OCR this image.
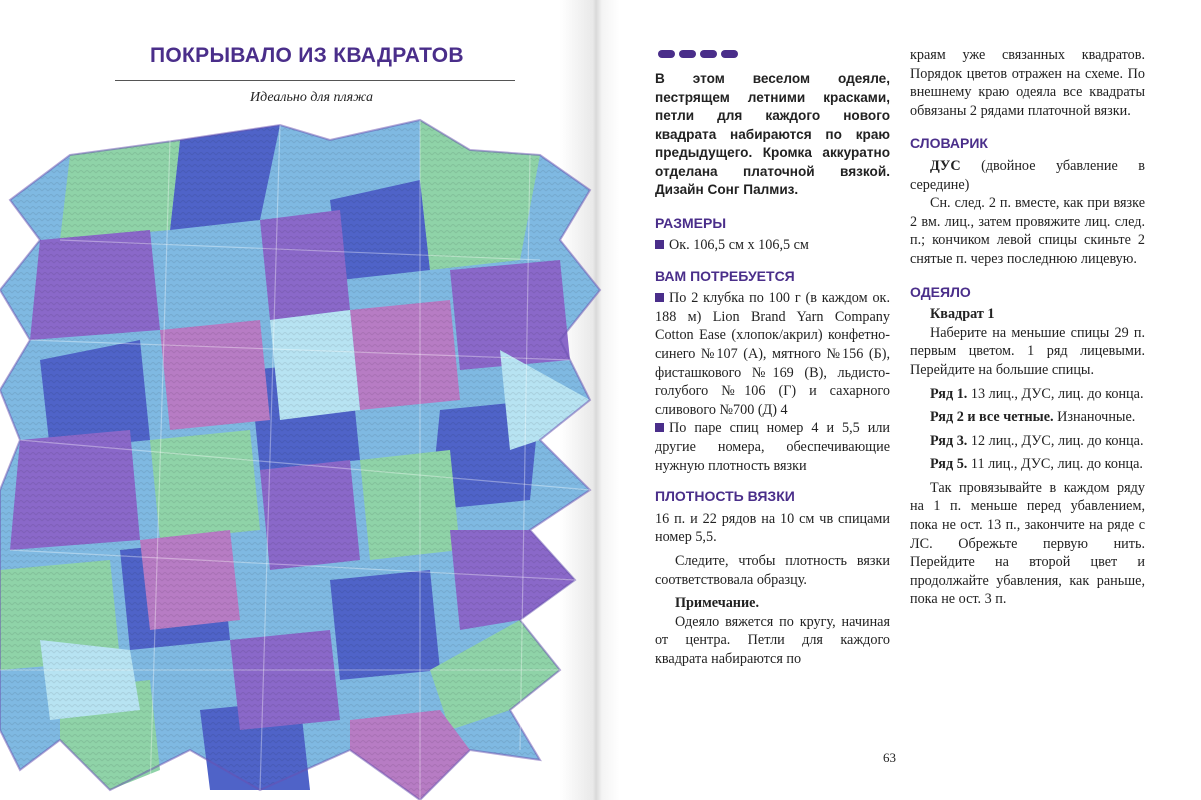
ПОКРЫВАЛО ИЗ КВАДРАТОВ
Идеально для пляжа

В этом веселом одеяле, пестрящем летними красками, петли для каждого нового квадрата набираются по краю предыдущего. Кромка аккуратно отделана платочной вязкой. Дизайн Сонг Палмиз.

РАЗМЕРЫ

Ок. 106,5 см х 106,5 см

ВАМ ПОТРЕБУЕТСЯ

По 2 клубка по 100 г (в каждом ок. 188 м) Lion Brand Yarn Company Cotton Ease (хлопок/акрил) конфетно-синего №107 (А), мятного №156 (Б), фисташкового №169 (В), льдисто-голубого №106 (Г) и сахарного сливового №700 (Д) 4

По паре спиц номер 4 и 5,5 или другие номера, обеспечивающие нужную плотность вязки

ПЛОТНОСТЬ ВЯЗКИ

16 п. и 22 рядов на 10 см чв спицами номер 5,5.

Следите, чтобы плотность вязки соответствовала образцу.

Примечание.

Одеяло вяжется по кругу, начиная от центра. Петли для каждого квадрата набираются по

краям уже связанных квадратов. Порядок цветов отражен на схеме. По внешнему краю одеяла все квадраты обвязаны 2 рядами платочной вязки.

СЛОВАРИК

ДУС (двойное убавление в середине)

Сн. след. 2 п. вместе, как при вязке 2 вм. лиц., затем провяжите лиц. след. п.; кончиком левой спицы скиньте 2 снятые п. через последнюю лицевую.

ОДЕЯЛО

Квадрат 1

Наберите на меньшие спицы 29 п. первым цветом. 1 ряд лицевыми. Перейдите на большие спицы.

Ряд 1. 13 лиц., ДУС, лиц. до конца.

Ряд 2 и все четные. Изнаночные.

Ряд 3. 12 лиц., ДУС, лиц. до конца.

Ряд 5. 11 лиц., ДУС, лиц. до конца.

Так провязывайте в каждом ряду на 1 п. меньше перед убавлением, пока не ост. 13 п., закончите на ряде с ЛС. Обрежьте первую нить. Перейдите на второй цвет и продолжайте убавления, как раньше, пока не ост. 3 п.

63
